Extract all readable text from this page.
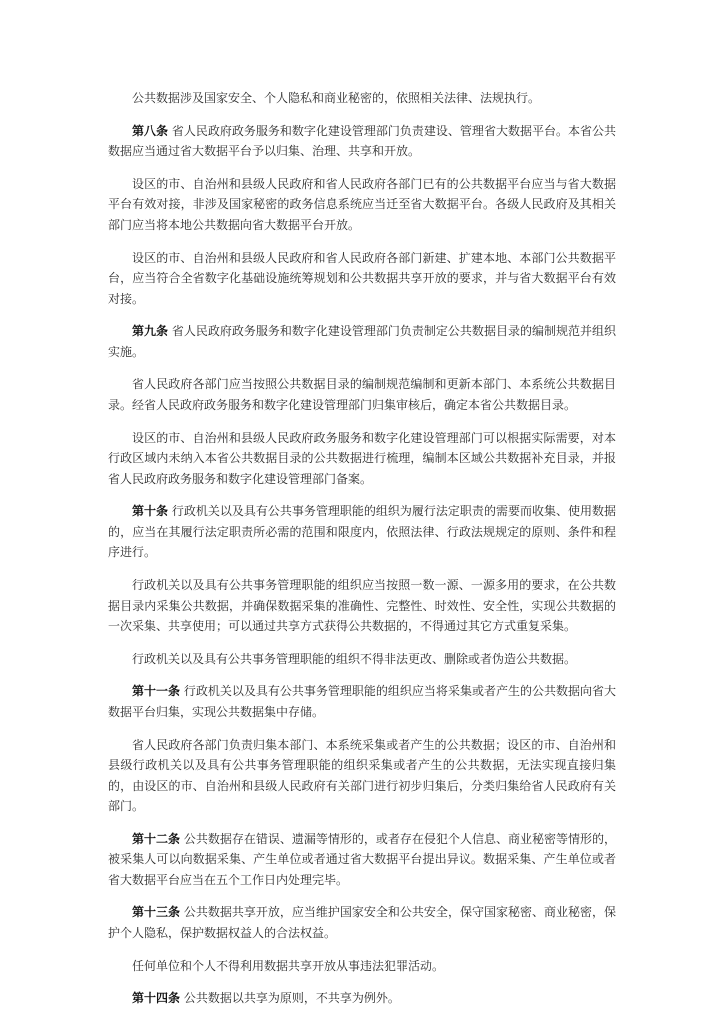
公共数据涉及国家安全、个人隐私和商业秘密的，依照相关法律、法规执行。

第八条 省人民政府政务服务和数字化建设管理部门负责建设、管理省大数据平台。本省公共数据应当通过省大数据平台予以归集、治理、共享和开放。

设区的市、自治州和县级人民政府和省人民政府各部门已有的公共数据平台应当与省大数据平台有效对接，非涉及国家秘密的政务信息系统应当迁至省大数据平台。各级人民政府及其相关部门应当将本地公共数据向省大数据平台开放。

设区的市、自治州和县级人民政府和省人民政府各部门新建、扩建本地、本部门公共数据平台，应当符合全省数字化基础设施统筹规划和公共数据共享开放的要求，并与省大数据平台有效对接。

第九条 省人民政府政务服务和数字化建设管理部门负责制定公共数据目录的编制规范并组织实施。

省人民政府各部门应当按照公共数据目录的编制规范编制和更新本部门、本系统公共数据目录。经省人民政府政务服务和数字化建设管理部门归集审核后，确定本省公共数据目录。

设区的市、自治州和县级人民政府政务服务和数字化建设管理部门可以根据实际需要，对本行政区域内未纳入本省公共数据目录的公共数据进行梳理，编制本区域公共数据补充目录，并报省人民政府政务服务和数字化建设管理部门备案。

第十条 行政机关以及具有公共事务管理职能的组织为履行法定职责的需要而收集、使用数据的，应当在其履行法定职责所必需的范围和限度内，依照法律、行政法规规定的原则、条件和程序进行。

行政机关以及具有公共事务管理职能的组织应当按照一数一源、一源多用的要求，在公共数据目录内采集公共数据，并确保数据采集的准确性、完整性、时效性、安全性，实现公共数据的一次采集、共享使用；可以通过共享方式获得公共数据的，不得通过其它方式重复采集。

行政机关以及具有公共事务管理职能的组织不得非法更改、删除或者伪造公共数据。

第十一条 行政机关以及具有公共事务管理职能的组织应当将采集或者产生的公共数据向省大数据平台归集，实现公共数据集中存储。

省人民政府各部门负责归集本部门、本系统采集或者产生的公共数据；设区的市、自治州和县级行政机关以及具有公共事务管理职能的组织采集或者产生的公共数据，无法实现直接归集的，由设区的市、自治州和县级人民政府有关部门进行初步归集后，分类归集给省人民政府有关部门。

第十二条 公共数据存在错误、遗漏等情形的，或者存在侵犯个人信息、商业秘密等情形的，被采集人可以向数据采集、产生单位或者通过省大数据平台提出异议。数据采集、产生单位或者省大数据平台应当在五个工作日内处理完毕。

第十三条 公共数据共享开放，应当维护国家安全和公共安全，保守国家秘密、商业秘密，保护个人隐私，保护数据权益人的合法权益。

任何单位和个人不得利用数据共享开放从事违法犯罪活动。

第十四条 公共数据以共享为原则，不共享为例外。
